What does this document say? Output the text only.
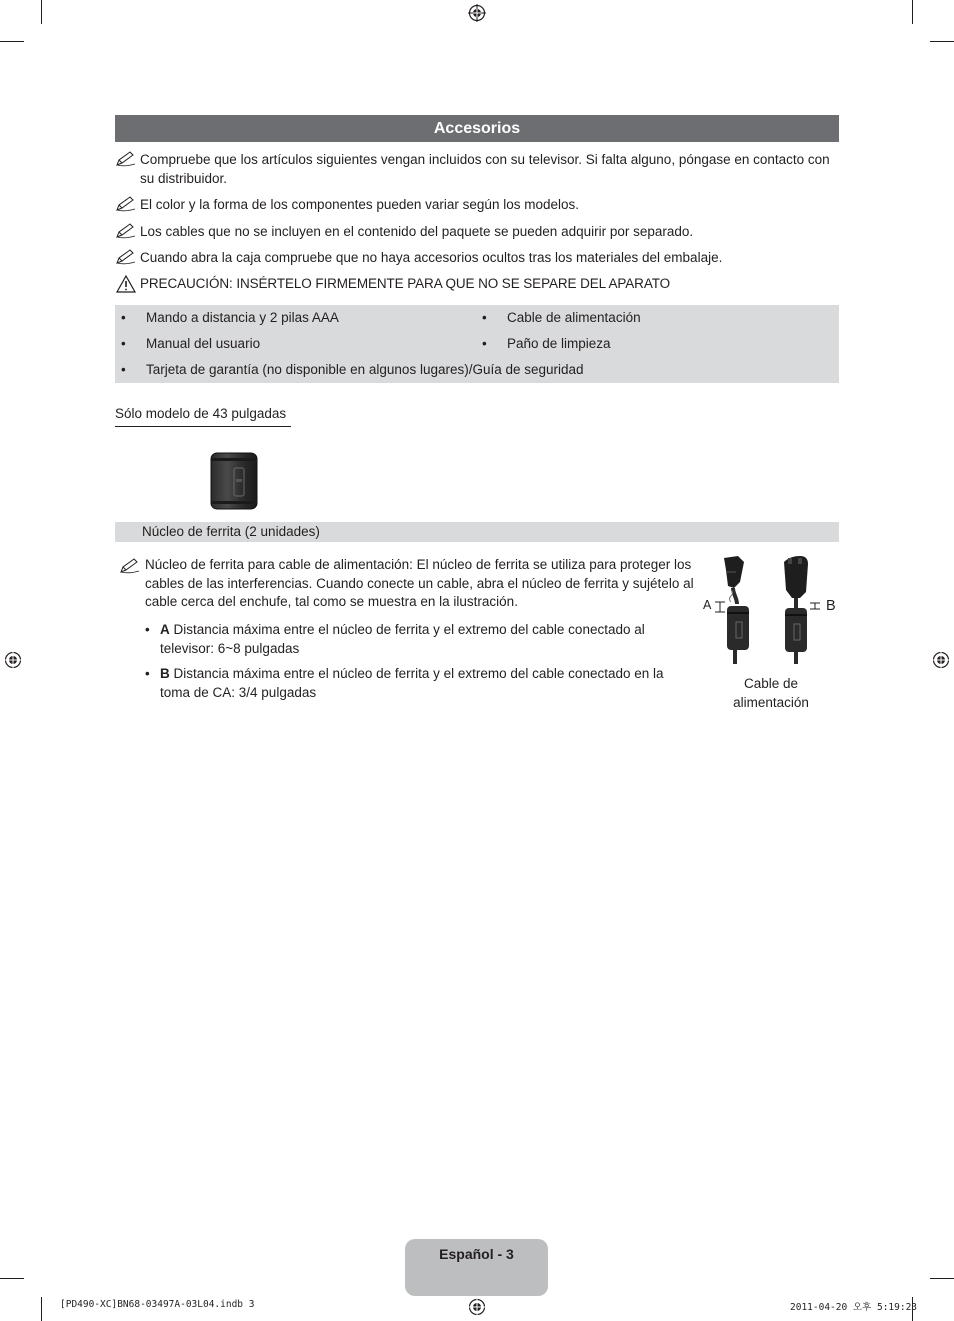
Accesorios
Compruebe que los artículos siguientes vengan incluidos con su televisor. Si falta alguno, póngase en contacto con su distribuidor.
El color y la forma de los componentes pueden variar según los modelos.
Los cables que no se incluyen en el contenido del paquete se pueden adquirir por separado.
Cuando abra la caja compruebe que no haya accesorios ocultos tras los materiales del embalaje.
PRECAUCIÓN: INSÉRTELO FIRMEMENTE PARA QUE NO SE SEPARE DEL APARATO
• Mando a distancia y 2 pilas AAA	• Cable de alimentación
• Manual del usuario	• Paño de limpieza
• Tarjeta de garantía (no disponible en algunos lugares)/Guía de seguridad
Sólo modelo de 43 pulgadas
Núcleo de ferrita (2 unidades)
Núcleo de ferrita para cable de alimentación: El núcleo de ferrita se utiliza para proteger los cables de las interferencias. Cuando conecte un cable, abra el núcleo de ferrita y sujételo al cable cerca del enchufe, tal como se muestra en la ilustración.
• A Distancia máxima entre el núcleo de ferrita y el extremo del cable conectado al televisor: 6~8 pulgadas
• B Distancia máxima entre el núcleo de ferrita y el extremo del cable conectado en la toma de CA: 3/4 pulgadas
A	B
Cable de
alimentación
Español - 3
[PD490-XC]BN68-03497A-03L04.indb 3	2011-04-20 오후 5:19:23
